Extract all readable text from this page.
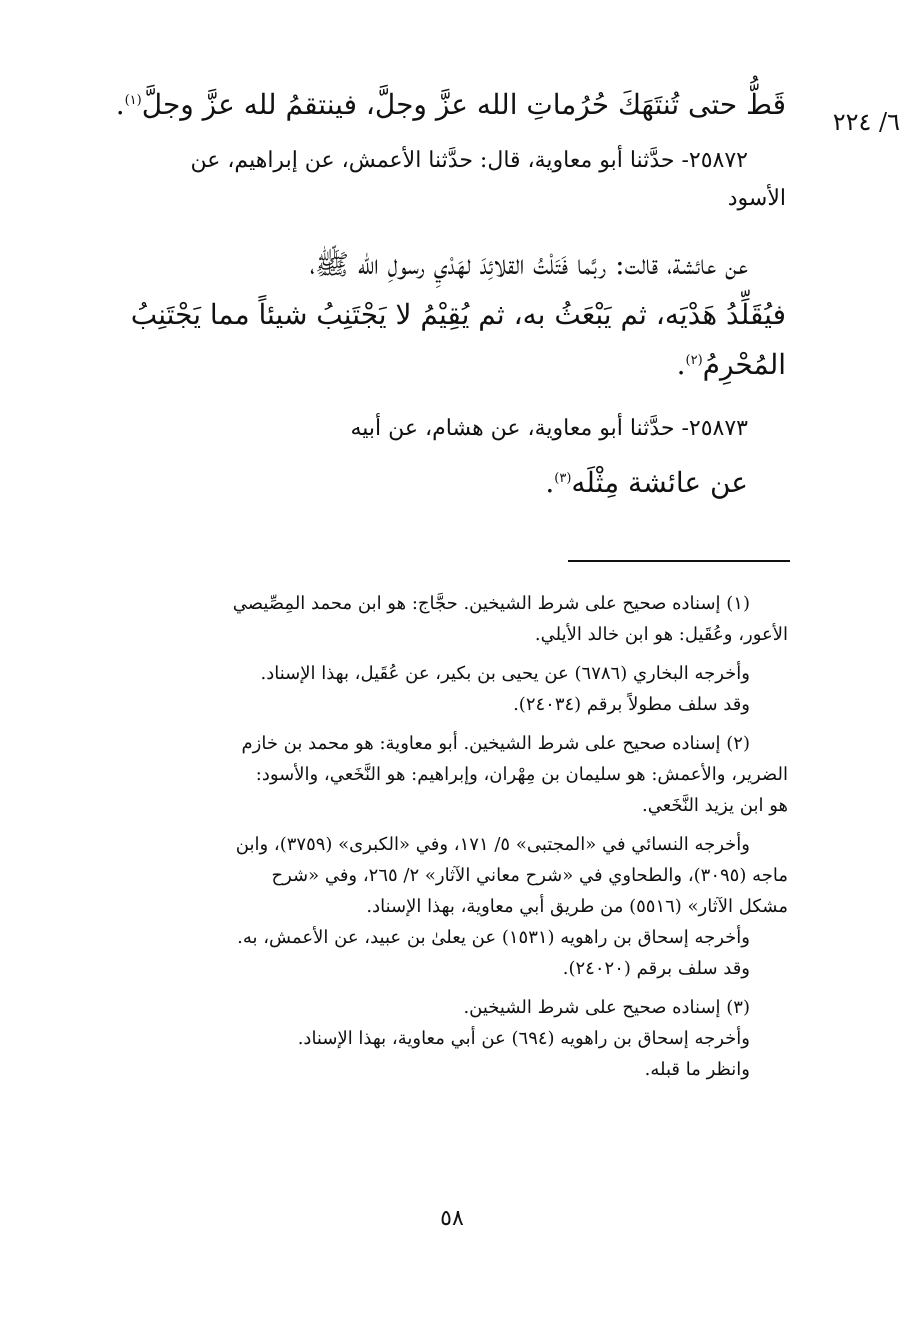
٦/ ٢٢٤
قَطُّ حتى تُنتَهَكَ حُرُماتِ الله عزَّ وجلَّ، فينتقمُ لله عزَّ وجلَّ$^{(١)}$.
٢٥٨٧٢- حدَّثنا أبو معاوية، قال: حدَّثنا الأعمش، عن إبراهيم، عن
الأسود
عن عائشة، قالت: ربَّما فَتَلْتُ القلائِدَ لهَدْيِ رسولِ الله ﷺ،
فيُقَلِّدُ هَدْيَه، ثم يَبْعَثُ به، ثم يُقِيْمُ لا يَجْتَنِبُ شيئاً مما يَجْتَنِبُ
المُحْرِمُ$^{(٢)}$.
٢٥٨٧٣- حدَّثنا أبو معاوية، عن هشام، عن أبيه
عن عائشة مِثْلَه$^{(٣)}$.
(١) إسناده صحيح على شرط الشيخين. حجَّاج: هو ابن محمد المِصِّيصي
الأعور، وعُقَيل: هو ابن خالد الأيلي.
وأخرجه البخاري (٦٧٨٦) عن يحيى بن بكير، عن عُقَيل، بهذا الإسناد.
وقد سلف مطولاً برقم (٢٤٠٣٤).
(٢) إسناده صحيح على شرط الشيخين. أبو معاوية: هو محمد بن خازم
الضرير، والأعمش: هو سليمان بن مِهْران، وإبراهيم: هو النَّخَعي، والأسود:
هو ابن يزيد النَّخَعي.
وأخرجه النسائي في «المجتبى» ٥/ ١٧١، وفي «الكبرى» (٣٧٥٩)، وابن
ماجه (٣٠٩٥)، والطحاوي في «شرح معاني الآثار» ٢/ ٢٦٥، وفي «شرح
مشكل الآثار» (٥٥١٦) من طريق أبي معاوية، بهذا الإسناد.
وأخرجه إسحاق بن راهويه (١٥٣١) عن يعلىٰ بن عبيد، عن الأعمش، به.
وقد سلف برقم (٢٤٠٢٠).
(٣) إسناده صحيح على شرط الشيخين.
وأخرجه إسحاق بن راهويه (٦٩٤) عن أبي معاوية، بهذا الإسناد.
وانظر ما قبله.
٥٨
